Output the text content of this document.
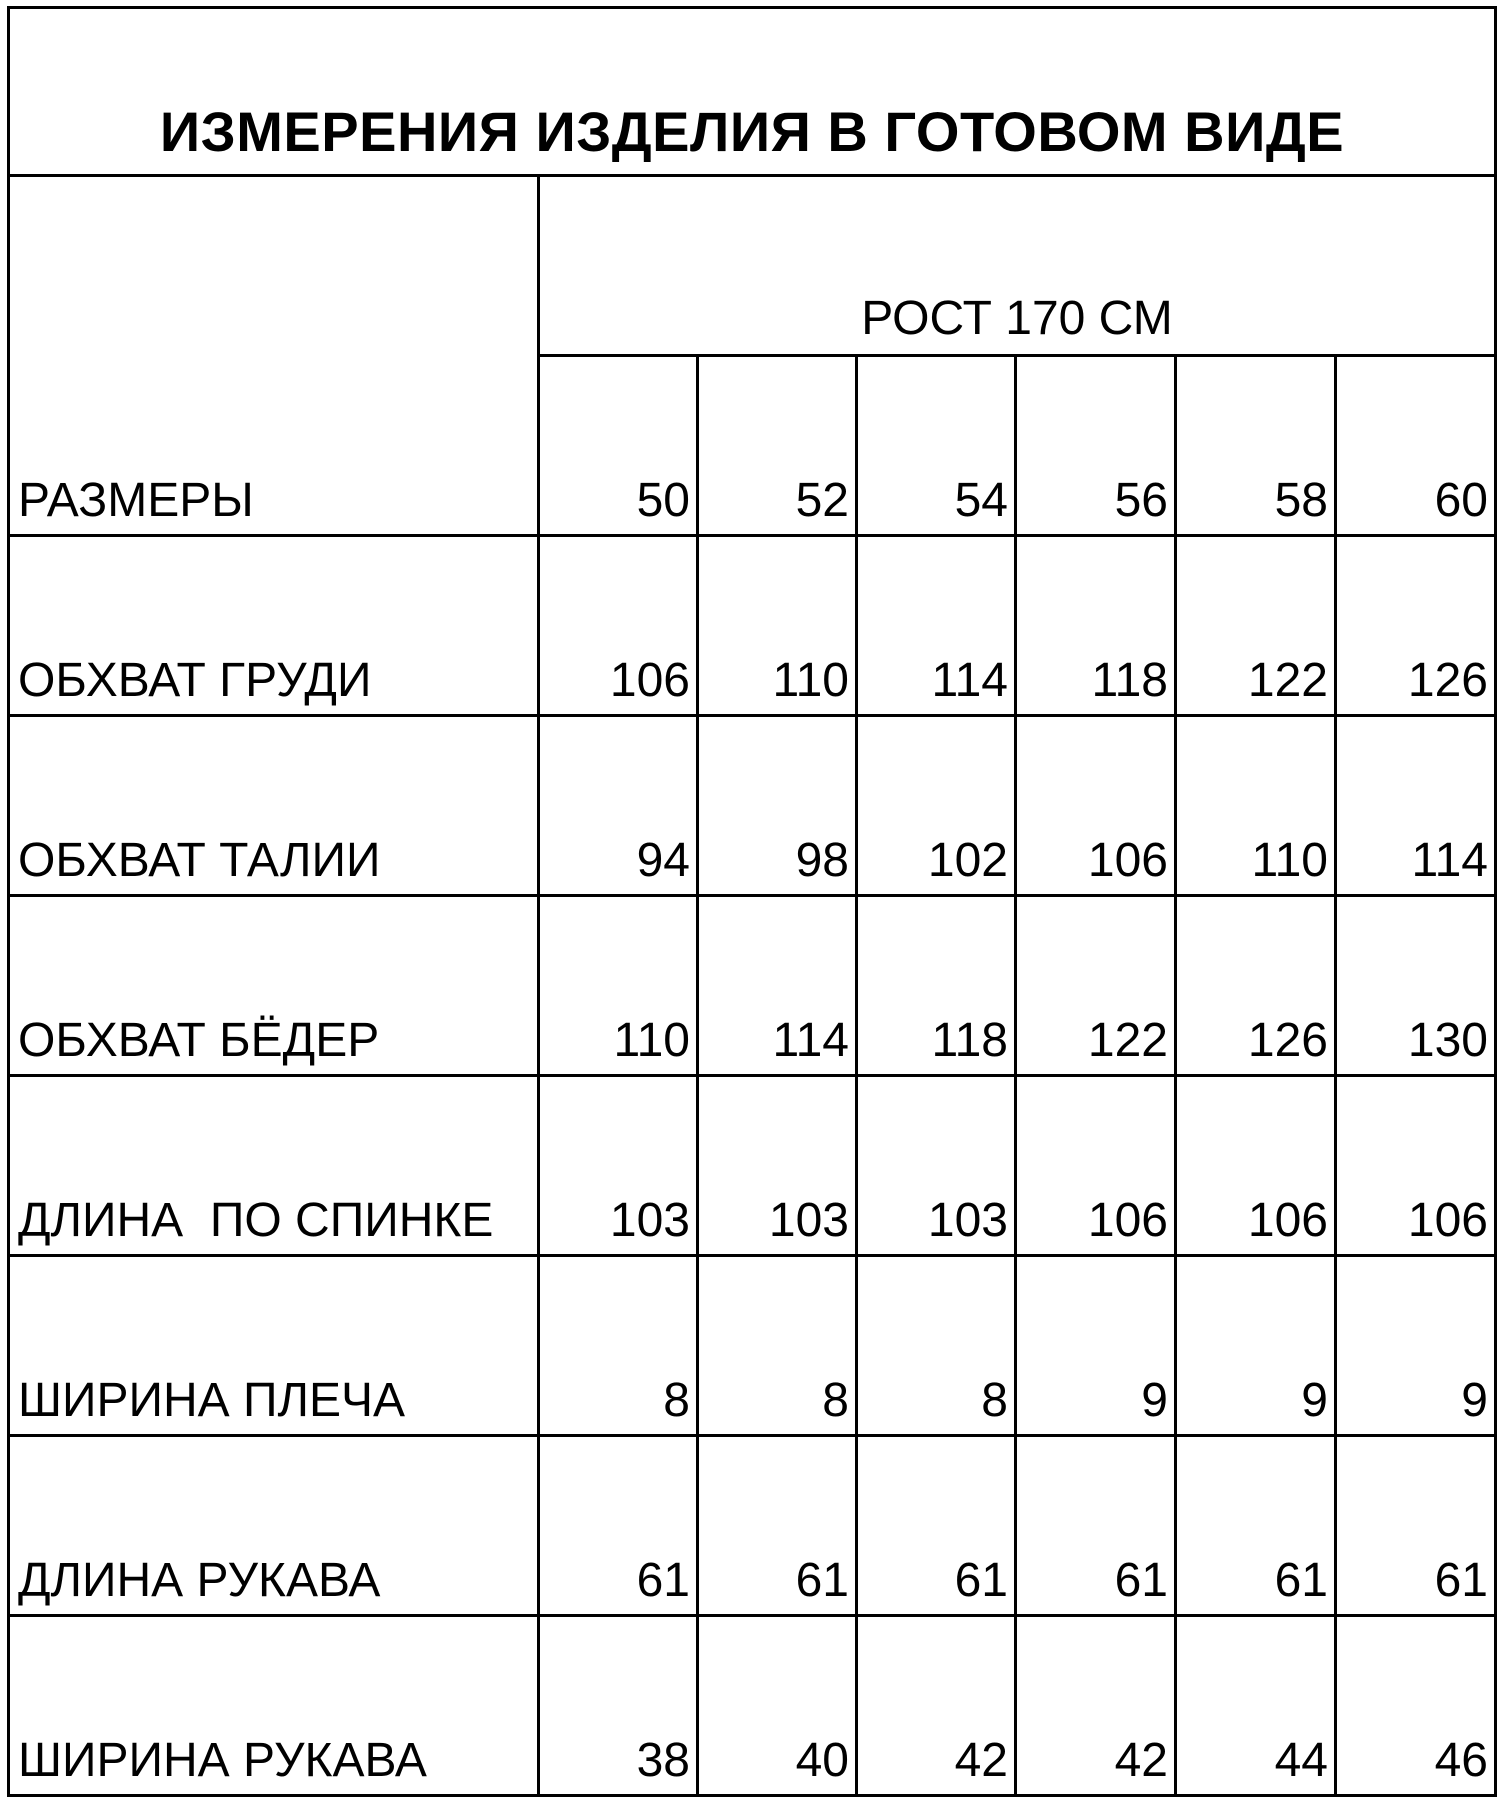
ИЗМЕРЕНИЯ ИЗДЕЛИЯ В ГОТОВОМ ВИДЕ						
	РОСТ 170 СМ					
РАЗМЕРЫ	50	52	54	56	58	60
ОБХВАТ ГРУДИ	106	110	114	118	122	126
ОБХВАТ ТАЛИИ	94	98	102	106	110	114
ОБХВАТ БЁДЕР	110	114	118	122	126	130
ДЛИНА  ПО СПИНКЕ	103	103	103	106	106	106
ШИРИНА ПЛЕЧА	8	8	8	9	9	9
ДЛИНА РУКАВА	61	61	61	61	61	61
ШИРИНА РУКАВА	38	40	42	42	44	46
